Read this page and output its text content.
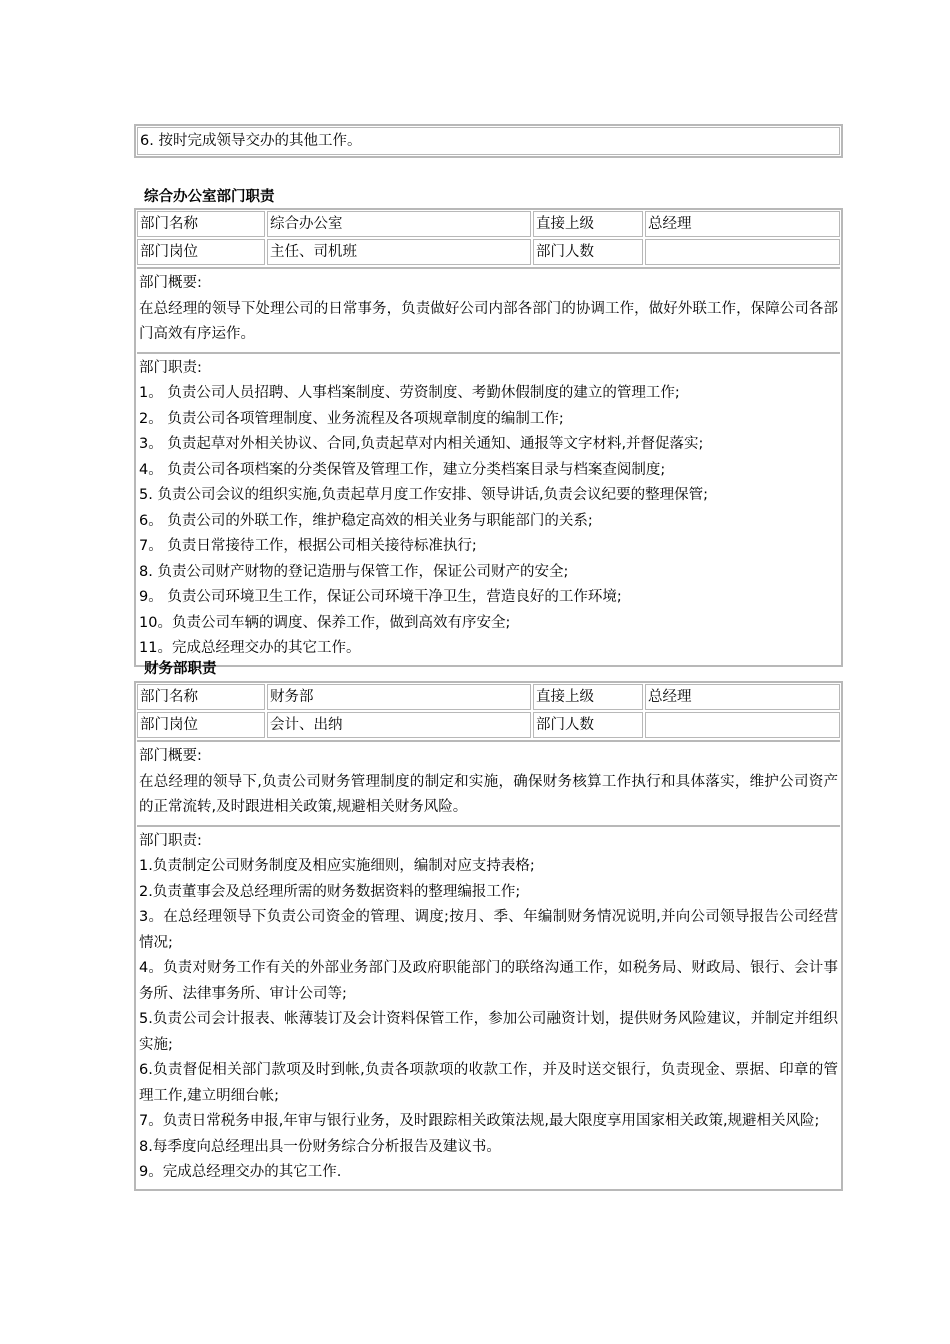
6. 按时完成领导交办的其他工作。
综合办公室部门职责
部门名称	综合办公室	直接上级	总经理
部门岗位	主任、司机班	部门人数
部门概要:
在总经理的领导下处理公司的日常事务，负责做好公司内部各部门的协调工作，做好外联工作，保障公司各部门高效有序运作。
部门职责:
1。 负责公司人员招聘、人事档案制度、劳资制度、考勤休假制度的建立的管理工作;
2。 负责公司各项管理制度、业务流程及各项规章制度的编制工作;
3。 负责起草对外相关协议、合同,负责起草对内相关通知、通报等文字材料,并督促落实;
4。 负责公司各项档案的分类保管及管理工作，建立分类档案目录与档案查阅制度;
5. 负责公司会议的组织实施,负责起草月度工作安排、领导讲话,负责会议纪要的整理保管;
6。 负责公司的外联工作，维护稳定高效的相关业务与职能部门的关系;
7。 负责日常接待工作，根据公司相关接待标准执行;
8. 负责公司财产财物的登记造册与保管工作，保证公司财产的安全;
9。 负责公司环境卫生工作，保证公司环境干净卫生，营造良好的工作环境;
10。负责公司车辆的调度、保养工作，做到高效有序安全;
11。完成总经理交办的其它工作。
财务部职责
部门名称	财务部	直接上级	总经理
部门岗位	会计、出纳	部门人数
部门概要:
在总经理的领导下,负责公司财务管理制度的制定和实施，确保财务核算工作执行和具体落实，维护公司资产的正常流转,及时跟进相关政策,规避相关财务风险。
部门职责:
1.负责制定公司财务制度及相应实施细则，编制对应支持表格;
2.负责董事会及总经理所需的财务数据资料的整理编报工作;
3。在总经理领导下负责公司资金的管理、调度;按月、季、年编制财务情况说明,并向公司领导报告公司经营情况;
4。负责对财务工作有关的外部业务部门及政府职能部门的联络沟通工作，如税务局、财政局、银行、会计事务所、法律事务所、审计公司等;
5.负责公司会计报表、帐薄装订及会计资料保管工作，参加公司融资计划，提供财务风险建议，并制定并组织实施;
6.负责督促相关部门款项及时到帐,负责各项款项的收款工作，并及时送交银行，负责现金、票据、印章的管理工作,建立明细台帐;
7。负责日常税务申报,年审与银行业务，及时跟踪相关政策法规,最大限度享用国家相关政策,规避相关风险;
8.每季度向总经理出具一份财务综合分析报告及建议书。
9。完成总经理交办的其它工作.
